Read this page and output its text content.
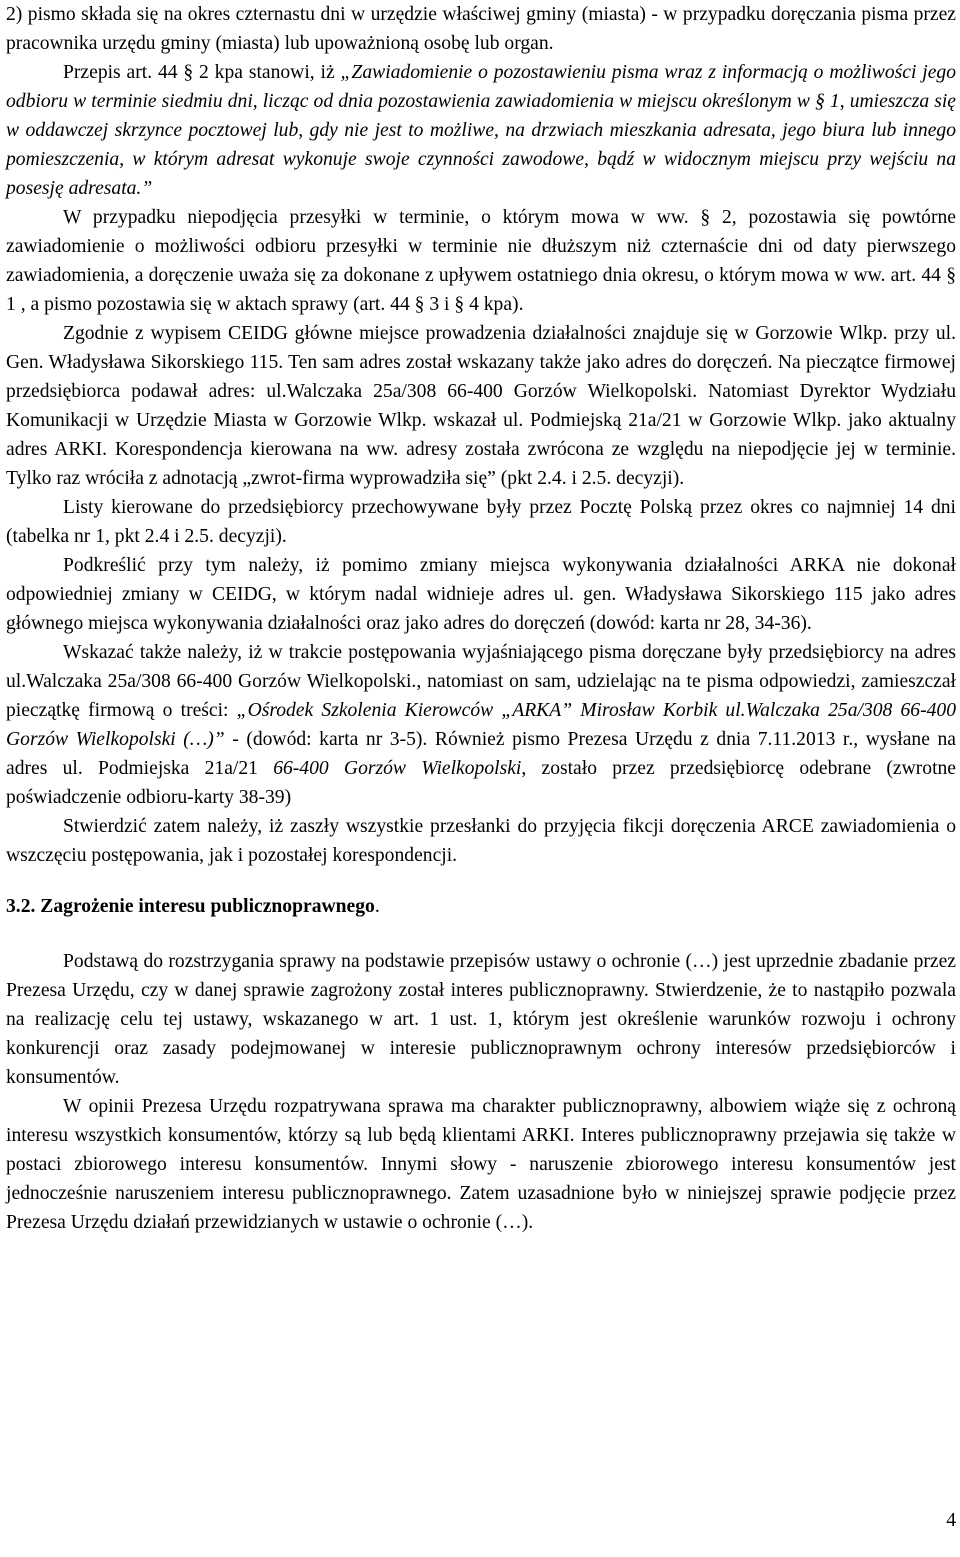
2) pismo składa się na okres czternastu dni w urzędzie właściwej gminy (miasta) - w przypadku doręczania pisma przez pracownika urzędu gminy (miasta) lub upoważnioną osobę lub organ.

Przepis art. 44 § 2 kpa stanowi, iż „Zawiadomienie o pozostawieniu pisma wraz z informacją o możliwości jego odbioru w terminie siedmiu dni, licząc od dnia pozostawienia zawiadomienia w miejscu określonym w § 1, umieszcza się w oddawczej skrzynce pocztowej lub, gdy nie jest to możliwe, na drzwiach mieszkania adresata, jego biura lub innego pomieszczenia, w którym adresat wykonuje swoje czynności zawodowe, bądź w widocznym miejscu przy wejściu na posesję adresata.”

W przypadku niepodjęcia przesyłki w terminie, o którym mowa w ww. § 2, pozostawia się powtórne zawiadomienie o możliwości odbioru przesyłki w terminie nie dłuższym niż czternaście dni od daty pierwszego zawiadomienia, a doręczenie uważa się za dokonane z upływem ostatniego dnia okresu, o którym mowa w ww. art. 44 § 1 , a pismo pozostawia się w aktach sprawy (art. 44 § 3 i § 4 kpa).

Zgodnie z wypisem CEIDG główne miejsce prowadzenia działalności znajduje się w Gorzowie Wlkp. przy ul. Gen. Władysława Sikorskiego 115. Ten sam adres został wskazany także jako adres do doręczeń. Na pieczątce firmowej przedsiębiorca podawał adres: ul.Walczaka 25a/308 66-400 Gorzów Wielkopolski. Natomiast Dyrektor Wydziału Komunikacji w Urzędzie Miasta w Gorzowie Wlkp. wskazał ul. Podmiejską 21a/21 w Gorzowie Wlkp. jako aktualny adres ARKI. Korespondencja kierowana na ww. adresy została zwrócona ze względu na niepodjęcie jej w terminie. Tylko raz wróciła z adnotacją „zwrot-firma wyprowadziła się” (pkt 2.4. i 2.5. decyzji).

Listy kierowane do przedsiębiorcy przechowywane były przez Pocztę Polską przez okres co najmniej 14 dni (tabelka nr 1, pkt 2.4 i 2.5. decyzji).

Podkreślić przy tym należy, iż pomimo zmiany miejsca wykonywania działalności ARKA nie dokonał odpowiedniej zmiany w CEIDG, w którym nadal widnieje adres ul. gen. Władysława Sikorskiego 115 jako adres głównego miejsca wykonywania działalności oraz jako adres do doręczeń (dowód: karta nr 28, 34-36).

Wskazać także należy, iż w trakcie postępowania wyjaśniającego pisma doręczane były przedsiębiorcy na adres ul.Walczaka 25a/308 66-400 Gorzów Wielkopolski., natomiast on sam, udzielając na te pisma odpowiedzi, zamieszczał pieczątkę firmową o treści: „Ośrodek Szkolenia Kierowców „ARKA” Mirosław Korbik ul.Walczaka 25a/308 66-400 Gorzów Wielkopolski (…)” - (dowód: karta nr 3-5). Również pismo Prezesa Urzędu z dnia 7.11.2013 r., wysłane na adres ul. Podmiejska 21a/21 66-400 Gorzów Wielkopolski, zostało przez przedsiębiorcę odebrane (zwrotne poświadczenie odbioru-karty 38-39)

Stwierdzić zatem należy, iż zaszły wszystkie przesłanki do przyjęcia fikcji doręczenia ARCE zawiadomienia o wszczęciu postępowania, jak i pozostałej korespondencji.

3.2. Zagrożenie interesu publicznoprawnego.

Podstawą do rozstrzygania sprawy na podstawie przepisów ustawy o ochronie (…) jest uprzednie zbadanie przez Prezesa Urzędu, czy w danej sprawie zagrożony został interes publicznoprawny. Stwierdzenie, że to nastąpiło pozwala na realizację celu tej ustawy, wskazanego w art. 1 ust. 1, którym jest określenie warunków rozwoju i ochrony konkurencji oraz zasady podejmowanej w interesie publicznoprawnym ochrony interesów przedsiębiorców i konsumentów.

W opinii Prezesa Urzędu rozpatrywana sprawa ma charakter publicznoprawny, albowiem wiąże się z ochroną interesu wszystkich konsumentów, którzy są lub będą klientami ARKI. Interes publicznoprawny przejawia się także w postaci zbiorowego interesu konsumentów. Innymi słowy - naruszenie zbiorowego interesu konsumentów jest jednocześnie naruszeniem interesu publicznoprawnego. Zatem uzasadnione było w niniejszej sprawie podjęcie przez Prezesa Urzędu działań przewidzianych w ustawie o ochronie (…).

4
